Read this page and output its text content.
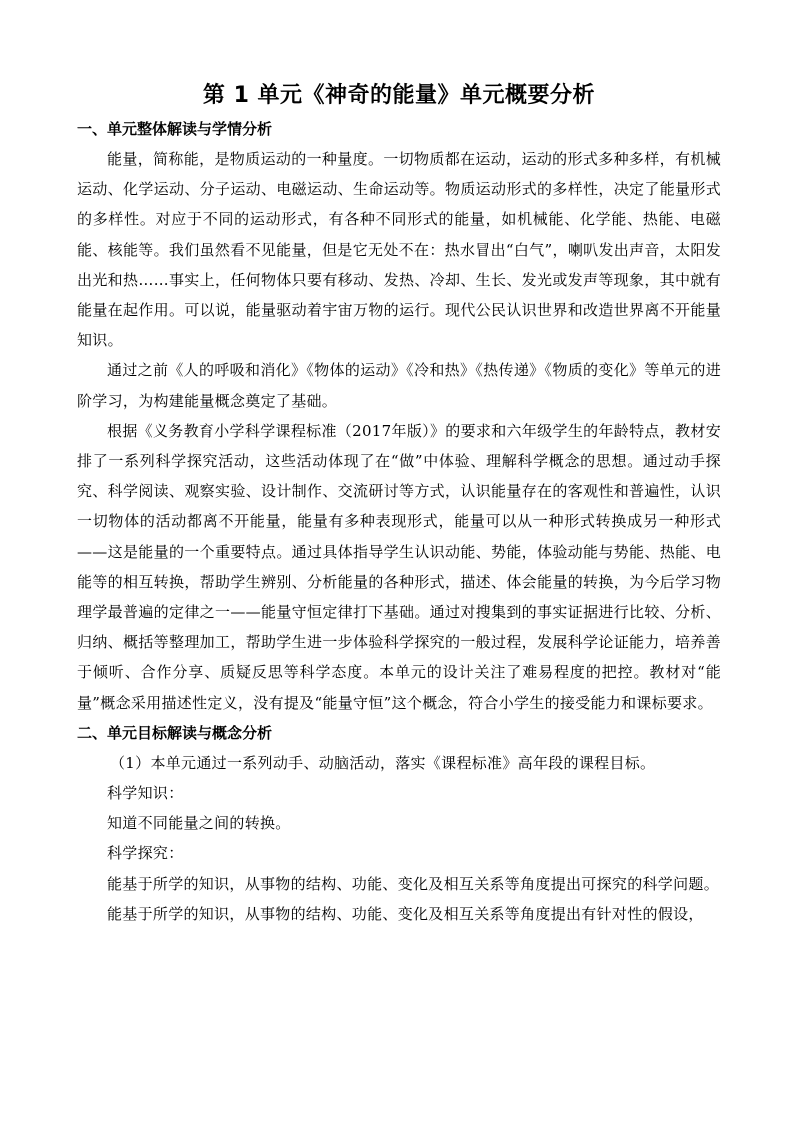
第 1 单元《神奇的能量》单元概要分析

一、单元整体解读与学情分析

能量，简称能，是物质运动的一种量度。一切物质都在运动，运动的形式多种多样，有机械运动、化学运动、分子运动、电磁运动、生命运动等。物质运动形式的多样性，决定了能量形式的多样性。对应于不同的运动形式，有各种不同形式的能量，如机械能、化学能、热能、电磁能、核能等。我们虽然看不见能量，但是它无处不在：热水冒出“白气”，喇叭发出声音，太阳发出光和热……事实上，任何物体只要有移动、发热、冷却、生长、发光或发声等现象，其中就有能量在起作用。可以说，能量驱动着宇宙万物的运行。现代公民认识世界和改造世界离不开能量知识。

通过之前《人的呼吸和消化》《物体的运动》《冷和热》《热传递》《物质的变化》等单元的进阶学习，为构建能量概念奠定了基础。

根据《义务教育小学科学课程标准（2017年版）》的要求和六年级学生的年龄特点，教材安排了一系列科学探究活动，这些活动体现了在“做”中体验、理解科学概念的思想。通过动手探究、科学阅读、观察实验、设计制作、交流研讨等方式，认识能量存在的客观性和普遍性，认识一切物体的活动都离不开能量，能量有多种表现形式，能量可以从一种形式转换成另一种形式——这是能量的一个重要特点。通过具体指导学生认识动能、势能，体验动能与势能、热能、电能等的相互转换，帮助学生辨别、分析能量的各种形式，描述、体会能量的转换，为今后学习物理学最普遍的定律之一——能量守恒定律打下基础。通过对搜集到的事实证据进行比较、分析、归纳、概括等整理加工，帮助学生进一步体验科学探究的一般过程，发展科学论证能力，培养善于倾听、合作分享、质疑反思等科学态度。本单元的设计关注了难易程度的把控。教材对“能量”概念采用描述性定义，没有提及“能量守恒”这个概念，符合小学生的接受能力和课标要求。

二、单元目标解读与概念分析

（1）本单元通过一系列动手、动脑活动，落实《课程标准》高年段的课程目标。

科学知识：

知道不同能量之间的转换。

科学探究：

能基于所学的知识，从事物的结构、功能、变化及相互关系等角度提出可探究的科学问题。

能基于所学的知识，从事物的结构、功能、变化及相互关系等角度提出有针对性的假设，
